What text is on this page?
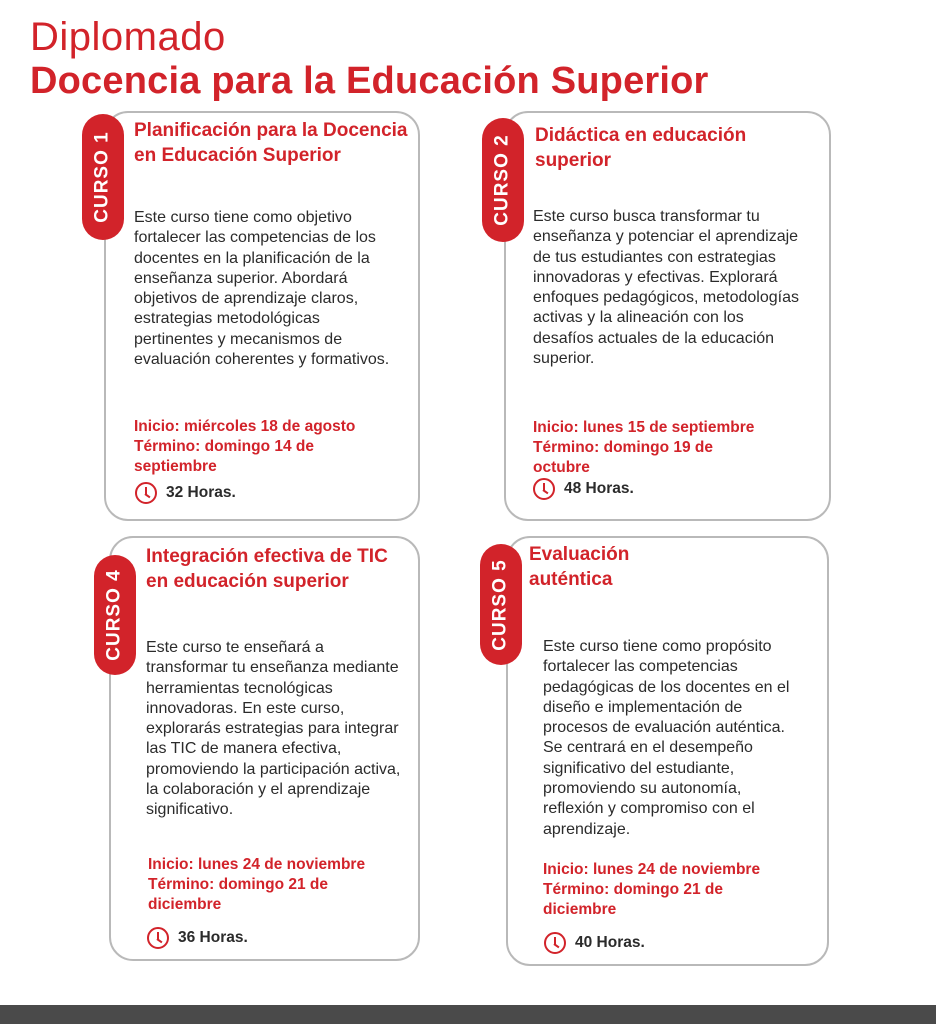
Diplomado
Docencia para la Educación Superior
CURSO 1
Planificación para la Docencia en Educación Superior
Este curso tiene como objetivo fortalecer las competencias de los docentes en la planificación de la enseñanza superior. Abordará objetivos de aprendizaje claros, estrategias metodológicas pertinentes y mecanismos de evaluación coherentes y formativos.
Inicio: miércoles 18 de agosto
Término: domingo 14 de septiembre
32 Horas.
CURSO 2 Didáctica en educación superior
Este curso busca transformar tu enseñanza y potenciar el aprendizaje de tus estudiantes con estrategias innovadoras y efectivas. Explorará enfoques pedagógicos, metodologías activas y la alineación con los desafíos actuales de la educación superior.
Inicio: lunes 15 de septiembre
Término: domingo 19 de octubre
48 Horas.
CURSO 4
Integración efectiva de TIC en educación superior
Este curso te enseñará a transformar tu enseñanza mediante herramientas tecnológicas innovadoras. En este curso, explorarás estrategias para integrar las TIC de manera efectiva, promoviendo la participación activa, la colaboración y el aprendizaje significativo.
Inicio: lunes 24 de noviembre
Término: domingo 21 de diciembre
36 Horas.
CURSO 5
Evaluación auténtica
Este curso tiene como propósito fortalecer las competencias pedagógicas de los docentes en el diseño e implementación de procesos de evaluación auténtica. Se centrará en el desempeño significativo del estudiante, promoviendo su autonomía, reflexión y compromiso con el aprendizaje.
Inicio: lunes 24 de noviembre
Término: domingo 21 de diciembre
40 Horas.
